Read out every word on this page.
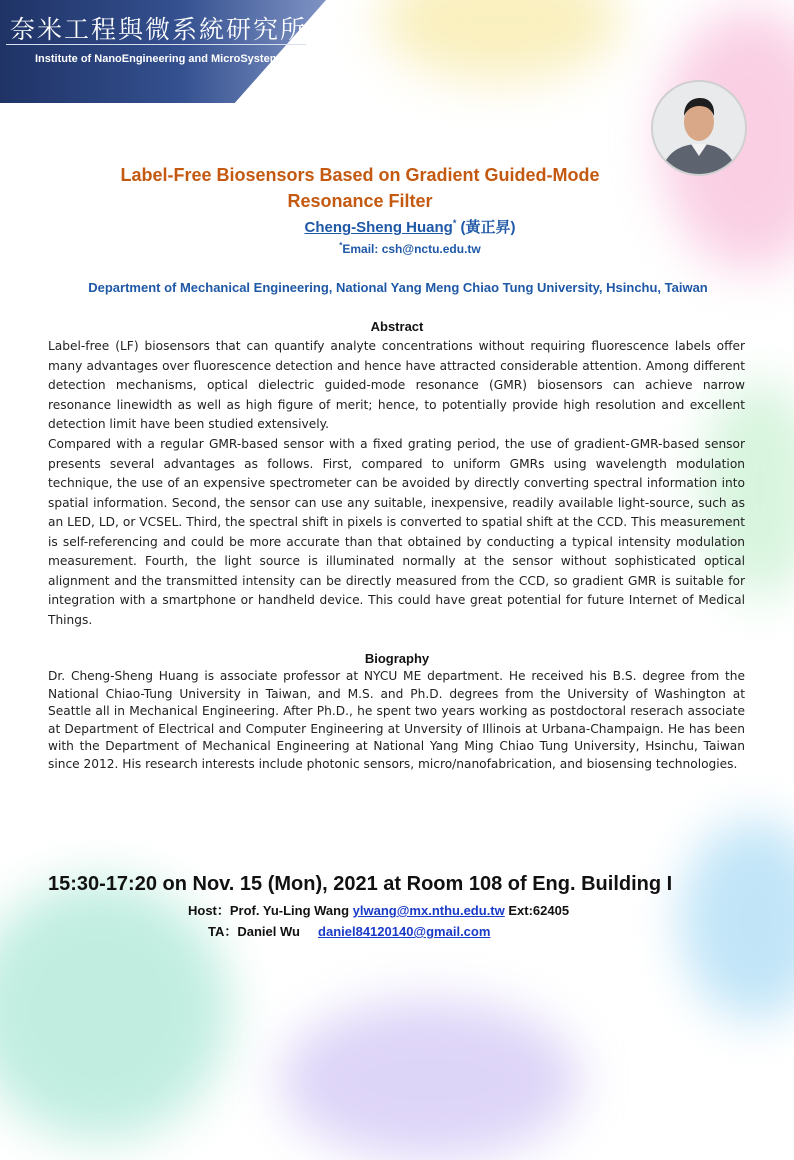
奈米工程與微系統研究所
Institute of NanoEngineering and MicroSystems
Label-Free Biosensors Based on Gradient Guided-Mode
Resonance Filter
Cheng-Sheng Huang* (黃正昇)
*Email: csh@nctu.edu.tw
Department of Mechanical Engineering, National Yang Meng Chiao Tung University, Hsinchu, Taiwan
Abstract
Label-free (LF) biosensors that can quantify analyte concentrations without requiring fluorescence labels offer many advantages over fluorescence detection and hence have attracted considerable attention. Among different detection mechanisms, optical dielectric guided-mode resonance (GMR) biosensors can achieve narrow resonance linewidth as well as high figure of merit; hence, to potentially provide high resolution and excellent detection limit have been studied extensively.
Compared with a regular GMR-based sensor with a fixed grating period, the use of gradient-GMR-based sensor presents several advantages as follows. First, compared to uniform GMRs using wavelength modulation technique, the use of an expensive spectrometer can be avoided by directly converting spectral information into spatial information. Second, the sensor can use any suitable, inexpensive, readily available light-source, such as an LED, LD, or VCSEL. Third, the spectral shift in pixels is converted to spatial shift at the CCD. This measurement is self-referencing and could be more accurate than that obtained by conducting a typical intensity modulation measurement. Fourth, the light source is illuminated normally at the sensor without sophisticated optical alignment and the transmitted intensity can be directly measured from the CCD, so gradient GMR is suitable for integration with a smartphone or handheld device. This could have great potential for future Internet of Medical Things.
Biography
Dr. Cheng-Sheng Huang is associate professor at NYCU ME department. He received his B.S. degree from the National Chiao-Tung University in Taiwan, and M.S. and Ph.D. degrees from the University of Washington at Seattle all in Mechanical Engineering. After Ph.D., he spent two years working as postdoctoral reserach associate at Department of Electrical and Computer Engineering at Unversity of Illinois at Urbana-Champaign. He has been with the Department of Mechanical Engineering at National Yang Ming Chiao Tung University, Hsinchu, Taiwan since 2012. His research interests include photonic sensors, micro/nanofabrication, and biosensing technologies.
15:30-17:20 on Nov. 15 (Mon), 2021 at Room 108 of Eng. Building I
Host：Prof. Yu-Ling Wang ylwang@mx.nthu.edu.tw Ext:62405
TA：Daniel Wu daniel84120140@gmail.com
